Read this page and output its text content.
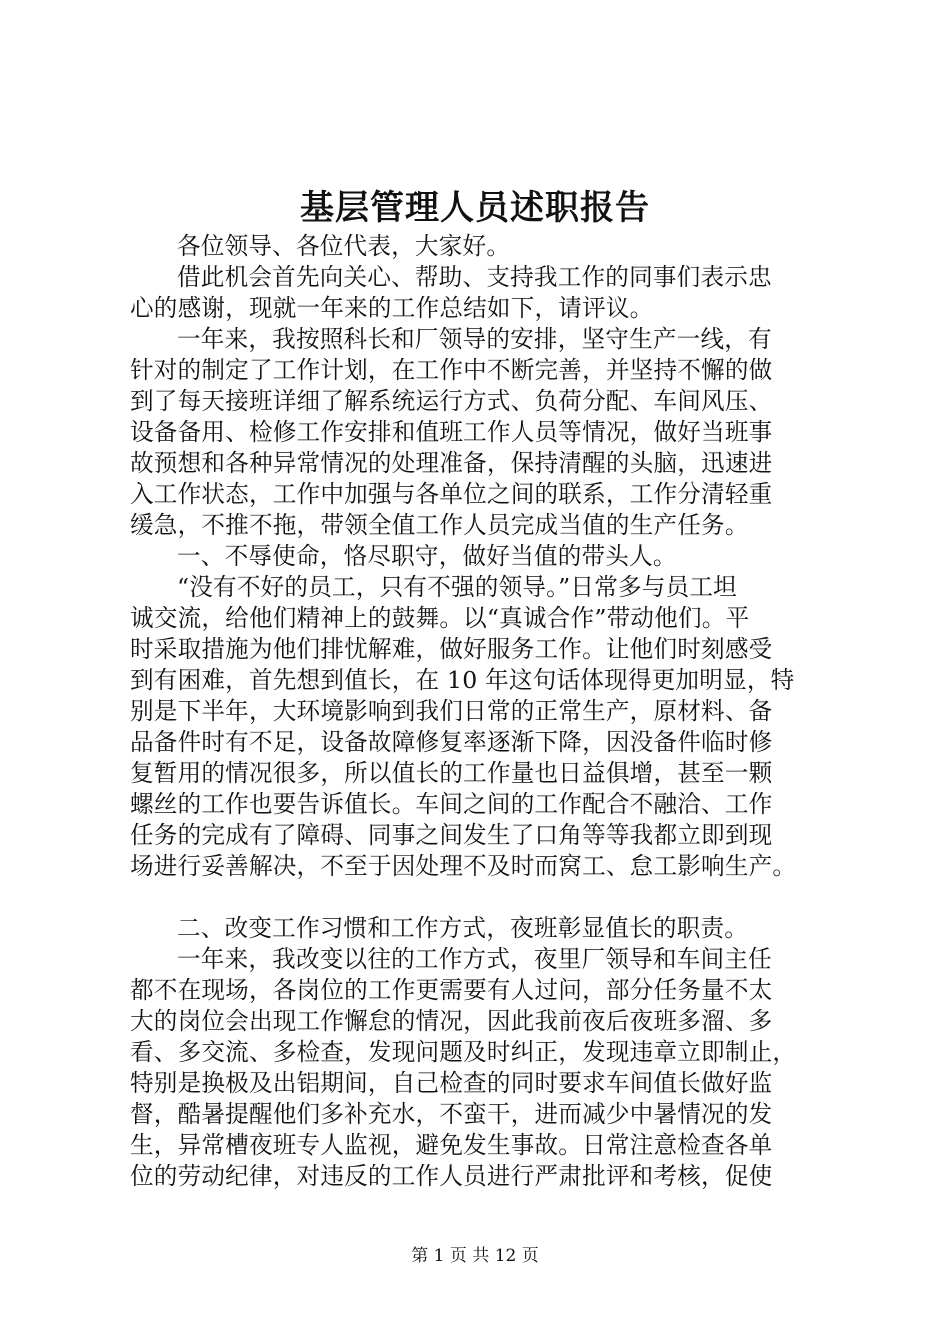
基层管理人员述职报告
各位领导、各位代表，大家好。
借此机会首先向关心、帮助、支持我工作的同事们表示忠
心的感谢，现就一年来的工作总结如下，请评议。
一年来，我按照科长和厂领导的安排，坚守生产一线，有
针对的制定了工作计划，在工作中不断完善，并坚持不懈的做
到了每天接班详细了解系统运行方式、负荷分配、车间风压、
设备备用、检修工作安排和值班工作人员等情况，做好当班事
故预想和各种异常情况的处理准备，保持清醒的头脑，迅速进
入工作状态，工作中加强与各单位之间的联系，工作分清轻重
缓急，不推不拖，带领全值工作人员完成当值的生产任务。
一、不辱使命，恪尽职守，做好当值的带头人。
“没有不好的员工，只有不强的领导。”日常多与员工坦
诚交流，给他们精神上的鼓舞。以“真诚合作”带动他们。平
时采取措施为他们排忧解难，做好服务工作。让他们时刻感受
到有困难，首先想到值长，在 10 年这句话体现得更加明显，特
别是下半年，大环境影响到我们日常的正常生产，原材料、备
品备件时有不足，设备故障修复率逐渐下降，因没备件临时修
复暂用的情况很多，所以值长的工作量也日益俱增，甚至一颗
螺丝的工作也要告诉值长。车间之间的工作配合不融洽、工作
任务的完成有了障碍、同事之间发生了口角等等我都立即到现
场进行妥善解决，不至于因处理不及时而窝工、怠工影响生产。
二、改变工作习惯和工作方式，夜班彰显值长的职责。
一年来，我改变以往的工作方式，夜里厂领导和车间主任
都不在现场，各岗位的工作更需要有人过问，部分任务量不太
大的岗位会出现工作懈怠的情况，因此我前夜后夜班多溜、多
看、多交流、多检查，发现问题及时纠正，发现违章立即制止，
特别是换极及出铝期间，自己检查的同时要求车间值长做好监
督，酷暑提醒他们多补充水，不蛮干，进而减少中暑情况的发
生，异常槽夜班专人监视，避免发生事故。日常注意检查各单
位的劳动纪律，对违反的工作人员进行严肃批评和考核，促使
第 1 页 共 12 页
